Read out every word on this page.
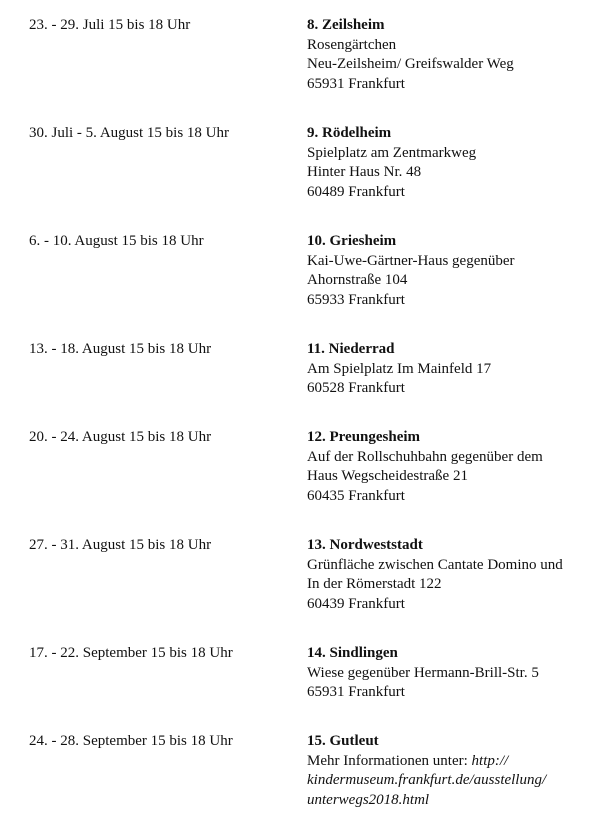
23. - 29. Juli 15 bis 18 Uhr	8. Zeilsheim
Rosengärtchen
Neu-Zeilsheim/ Greifswalder Weg
65931 Frankfurt
30. Juli - 5. August 15 bis 18 Uhr	9. Rödelheim
Spielplatz am Zentmarkweg
Hinter Haus Nr. 48
60489 Frankfurt
6. - 10. August 15 bis 18 Uhr	10. Griesheim
Kai-Uwe-Gärtner-Haus gegenüber
Ahornstraße 104
65933 Frankfurt
13. - 18. August 15 bis 18 Uhr	11. Niederrad
Am Spielplatz Im Mainfeld 17
60528 Frankfurt
20. - 24. August 15 bis 18 Uhr	12. Preungesheim
Auf der Rollschuhbahn gegenüber dem
Haus Wegscheidestraße 21
60435 Frankfurt
27. - 31. August 15 bis 18 Uhr	13. Nordweststadt
Grünfläche zwischen Cantate Domino und
In der Römerstadt 122
60439 Frankfurt
17. - 22. September 15 bis 18 Uhr	14. Sindlingen
Wiese gegenüber Hermann-Brill-Str. 5
65931 Frankfurt
24. - 28. September 15 bis 18 Uhr	15. Gutleut
Mehr Informationen unter: http://
kindermuseum.frankfurt.de/ausstellung/
unterwegs2018.html
